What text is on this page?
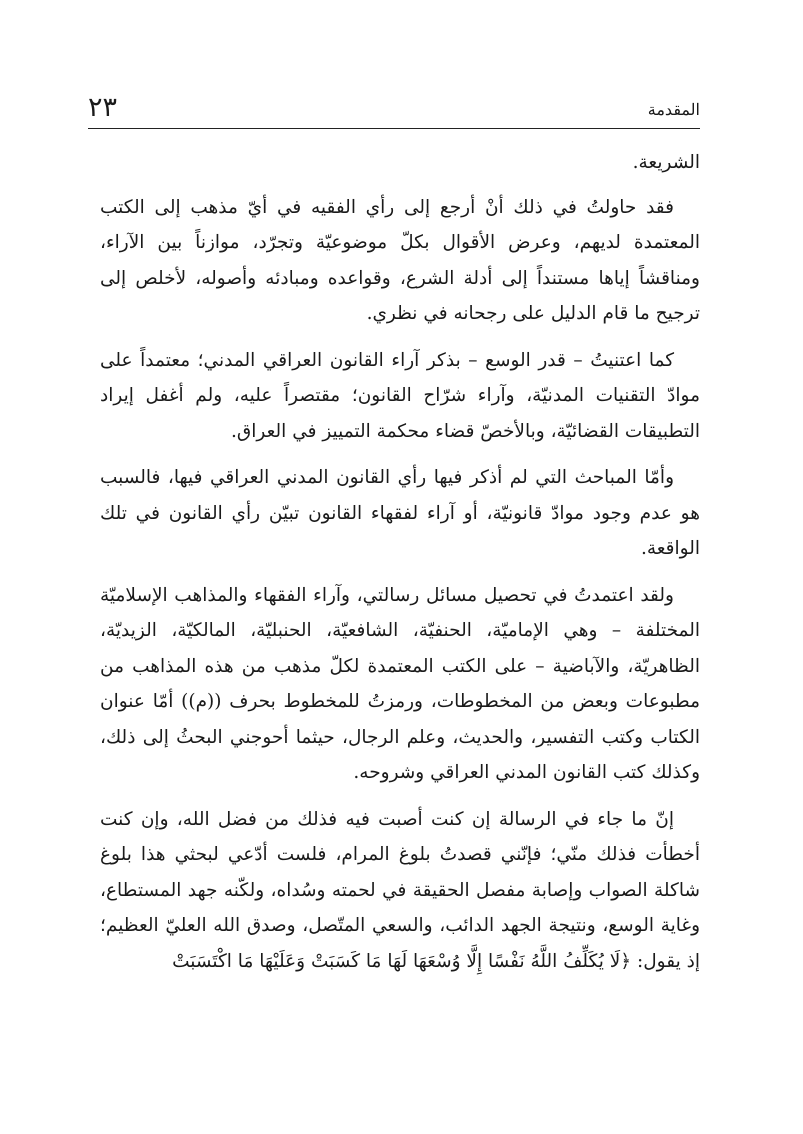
٢٣	المقدمة

الشريعة.

فقد حاولتُ في ذلك أنْ أرجع إلى رأي الفقيه في أيّ مذهب إلى الكتب المعتمدة لديهم، وعرض الأقوال بكلّ موضوعيّة وتجرّد، موازناً بين الآراء، ومناقشاً إياها مستنداً إلى أدلة الشرع، وقواعده ومبادئه وأصوله، لأخلص إلى ترجيح ما قام الدليل على رجحانه في نظري.

كما اعتنيتُ – قدر الوسع – بذكر آراء القانون العراقي المدني؛ معتمداً على موادّ التقنيات المدنيّة، وآراء شرّاح القانون؛ مقتصراً عليه، ولم أغفل إيراد التطبيقات القضائيّة، وبالأخصّ قضاء محكمة التمييز في العراق.

وأمّا المباحث التي لم أذكر فيها رأي القانون المدني العراقي فيها، فالسبب هو عدم وجود موادّ قانونيّة، أو آراء لفقهاء القانون تبيّن رأي القانون في تلك الواقعة.

ولقد اعتمدتُ في تحصيل مسائل رسالتي، وآراء الفقهاء والمذاهب الإسلاميّة المختلفة – وهي الإماميّة، الحنفيّة، الشافعيّة، الحنبليّة، المالكيّة، الزيديّة، الظاهريّة، والآباضية – على الكتب المعتمدة لكلّ مذهب من هذه المذاهب من مطبوعات وبعض من المخطوطات، ورمزتُ للمخطوط بحرف ((م)) أمّا عنوان الكتاب وكتب التفسير، والحديث، وعلم الرجال، حيثما أحوجني البحثُ إلى ذلك، وكذلك كتب القانون المدني العراقي وشروحه.

إنّ ما جاء في الرسالة إن كنت أصبت فيه فذلك من فضل الله، وإن كنت أخطأت فذلك منّي؛ فإنّني قصدتُ بلوغ المرام، فلست أدّعي لبحثي هذا بلوغ شاكلة الصواب وإصابة مفصل الحقيقة في لحمته وسُداه، ولكّنه جهد المستطاع، وغاية الوسع، ونتيجة الجهد الدائب، والسعي المتّصل، وصدق الله العليّ العظيم؛ إذ يقول: ﴿لَا يُكَلِّفُ اللَّهُ نَفْسًا إِلَّا وُسْعَهَا لَهَا مَا كَسَبَتْ وَعَلَيْهَا مَا اكْتَسَبَتْ
